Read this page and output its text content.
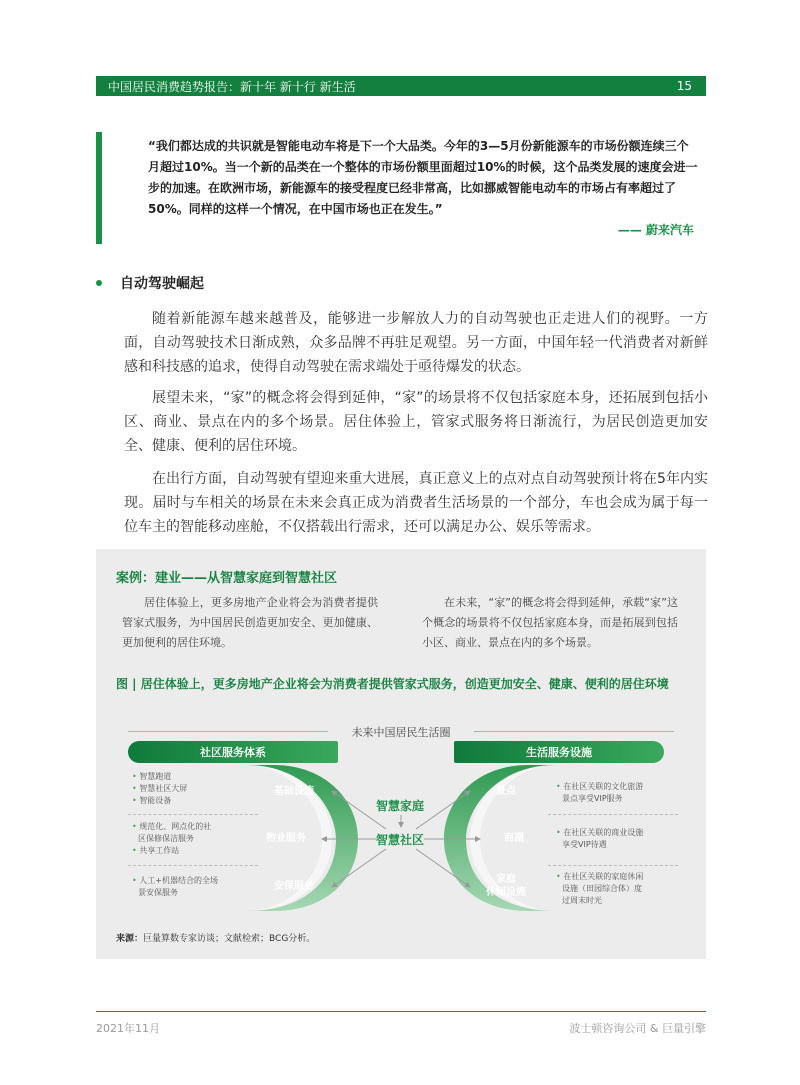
中国居民消费趋势报告：新十年 新十行 新生活	15
“我们都达成的共识就是智能电动车将是下一个大品类。今年的3—5月份新能源车的市场份额连续三个月超过10%。当一个新的品类在一个整体的市场份额里面超过10%的时候，这个品类发展的速度会进一步的加速。在欧洲市场，新能源车的接受程度已经非常高，比如挪威智能电动车的市场占有率超过了50%。同样的这样一个情况，在中国市场也正在发生。”
—— 蔚来汽车
自动驾驶崛起
随着新能源车越来越普及，能够进一步解放人力的自动驾驶也正走进人们的视野。一方面，自动驾驶技术日渐成熟，众多品牌不再驻足观望。另一方面，中国年轻一代消费者对新鲜感和科技感的追求，使得自动驾驶在需求端处于亟待爆发的状态。
展望未来，“家”的概念将会得到延伸，“家”的场景将不仅包括家庭本身，还拓展到包括小区、商业、景点在内的多个场景。居住体验上，管家式服务将日渐流行，为居民创造更加安全、健康、便利的居住环境。
在出行方面，自动驾驶有望迎来重大进展，真正意义上的点对点自动驾驶预计将在5年内实现。届时与车相关的场景在未来会真正成为消费者生活场景的一个部分，车也会成为属于每一位车主的智能移动座舱，不仅搭载出行需求，还可以满足办公、娱乐等需求。
案例：建业——从智慧家庭到智慧社区
居住体验上，更多房地产企业将会为消费者提供管家式服务，为中国居民创造更加安全、更加健康、更加便利的居住环境。
在未来，“家”的概念将会得到延伸，承载“家”这个概念的场景将不仅包括家庭本身，而是拓展到包括小区、商业、景点在内的多个场景。
图 | 居住体验上，更多房地产企业将会为消费者提供管家式服务，创造更加安全、健康、便利的居住环境
未来中国居民生活圈
社区服务体系	生活服务设施
基础设施
物业服务
安保服务
景点
商圈
家庭
休闲设施
智慧家庭
智慧社区
• 智慧跑道
• 智慧社区大屏
• 智能设备
• 规范化、网点化的社
区保修保洁服务
• 共享工作站
• 人工+机器结合的全场
景安保服务
• 在社区关联的文化旅游
景点享受VIP服务
• 在社区关联的商业设施
享受VIP待遇
• 在社区关联的家庭休闲
设施（田园综合体）度
过周末时光
来源：巨量算数专家访谈；文献检索；BCG分析。
2021年11月	波士顿咨询公司 & 巨量引擎
